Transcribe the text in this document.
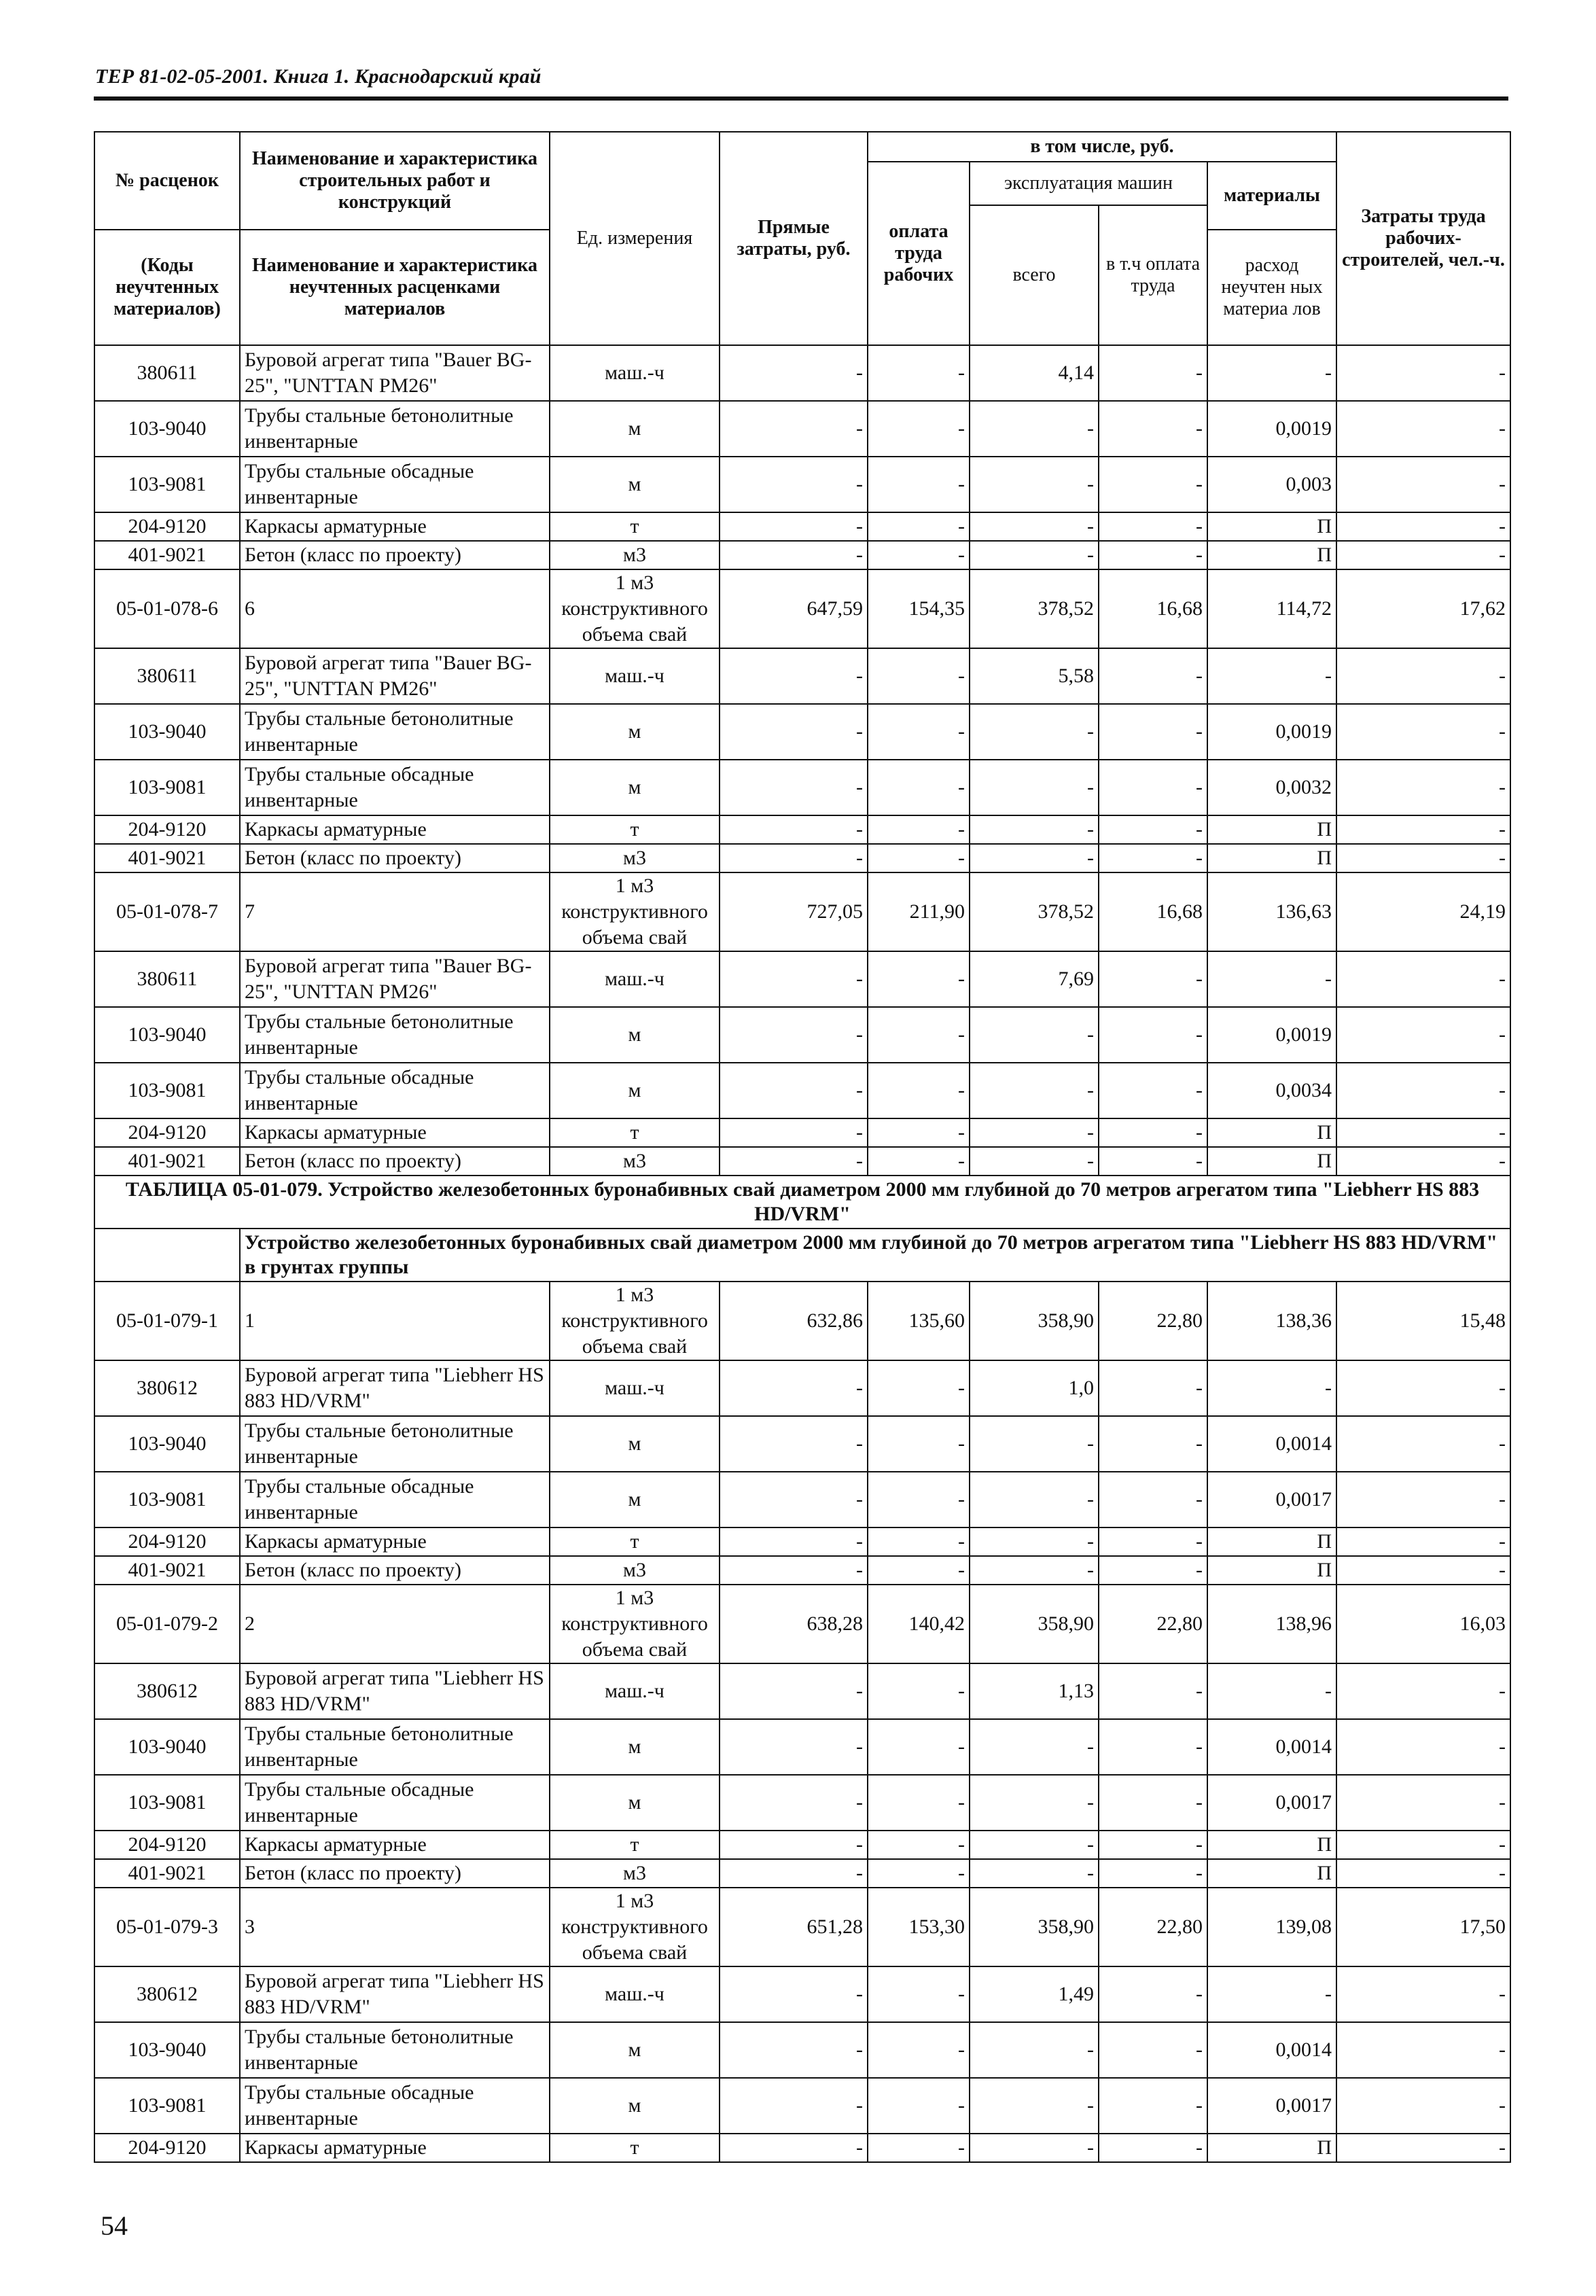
ТЕР 81-02-05-2001. Книга 1. Краснодарский край
№ расценок	Наименование и характеристика строительных работ и конструкций	Ед. измерения	Прямые затраты, руб.	в том числе, руб.				Затраты труда рабочих-строителей, чел.-ч.
				оплата труда рабочих	эксплуатация машин		материалы	
					всего	в т.ч оплата труда		
(Коды неучтенных материалов)	Наименование и характеристика неучтенных расценками материалов						расход неучтен ных материа лов	

380611	Буровой агрегат типа "Bauer BG-25", "UNTTAN PM26"	маш.-ч	-	-	4,14	-	-	-
103-9040	Трубы стальные бетонолитные инвентарные	м	-	-	-	-	0,0019	-
103-9081	Трубы стальные обсадные инвентарные	м	-	-	-	-	0,003	-
204-9120	Каркасы арматурные	т	-	-	-	-	П	-
401-9021	Бетон (класс по проекту)	м3	-	-	-	-	П	-
05-01-078-6	6	1 м3 конструктивного объема свай	647,59	154,35	378,52	16,68	114,72	17,62
380611	Буровой агрегат типа "Bauer BG-25", "UNTTAN PM26"	маш.-ч	-	-	5,58	-	-	-
103-9040	Трубы стальные бетонолитные инвентарные	м	-	-	-	-	0,0019	-
103-9081	Трубы стальные обсадные инвентарные	м	-	-	-	-	0,0032	-
204-9120	Каркасы арматурные	т	-	-	-	-	П	-
401-9021	Бетон (класс по проекту)	м3	-	-	-	-	П	-
05-01-078-7	7	1 м3 конструктивного объема свай	727,05	211,90	378,52	16,68	136,63	24,19
380611	Буровой агрегат типа "Bauer BG-25", "UNTTAN PM26"	маш.-ч	-	-	7,69	-	-	-
103-9040	Трубы стальные бетонолитные инвентарные	м	-	-	-	-	0,0019	-
103-9081	Трубы стальные обсадные инвентарные	м	-	-	-	-	0,0034	-
204-9120	Каркасы арматурные	т	-	-	-	-	П	-
401-9021	Бетон (класс по проекту)	м3	-	-	-	-	П	-
ТАБЛИЦА 05-01-079. Устройство железобетонных буронабивных свай диаметром 2000 мм глубиной до 70 метров агрегатом типа "Liebherr HS 883 HD/VRM"								
	Устройство железобетонных буронабивных свай диаметром 2000 мм глубиной до 70 метров агрегатом типа "Liebherr HS 883 HD/VRM" в грунтах группы							
05-01-079-1	1	1 м3 конструктивного объема свай	632,86	135,60	358,90	22,80	138,36	15,48
380612	Буровой агрегат типа "Liebherr HS 883 HD/VRM"	маш.-ч	-	-	1,0	-	-	-
103-9040	Трубы стальные бетонолитные инвентарные	м	-	-	-	-	0,0014	-
103-9081	Трубы стальные обсадные инвентарные	м	-	-	-	-	0,0017	-
204-9120	Каркасы арматурные	т	-	-	-	-	П	-
401-9021	Бетон (класс по проекту)	м3	-	-	-	-	П	-
05-01-079-2	2	1 м3 конструктивного объема свай	638,28	140,42	358,90	22,80	138,96	16,03
380612	Буровой агрегат типа "Liebherr HS 883 HD/VRM"	маш.-ч	-	-	1,13	-	-	-
103-9040	Трубы стальные бетонолитные инвентарные	м	-	-	-	-	0,0014	-
103-9081	Трубы стальные обсадные инвентарные	м	-	-	-	-	0,0017	-
204-9120	Каркасы арматурные	т	-	-	-	-	П	-
401-9021	Бетон (класс по проекту)	м3	-	-	-	-	П	-
05-01-079-3	3	1 м3 конструктивного объема свай	651,28	153,30	358,90	22,80	139,08	17,50
380612	Буровой агрегат типа "Liebherr HS 883 HD/VRM"	маш.-ч	-	-	1,49	-	-	-
103-9040	Трубы стальные бетонолитные инвентарные	м	-	-	-	-	0,0014	-
103-9081	Трубы стальные обсадные инвентарные	м	-	-	-	-	0,0017	-
204-9120	Каркасы арматурные	т	-	-	-	-	П	-
54
